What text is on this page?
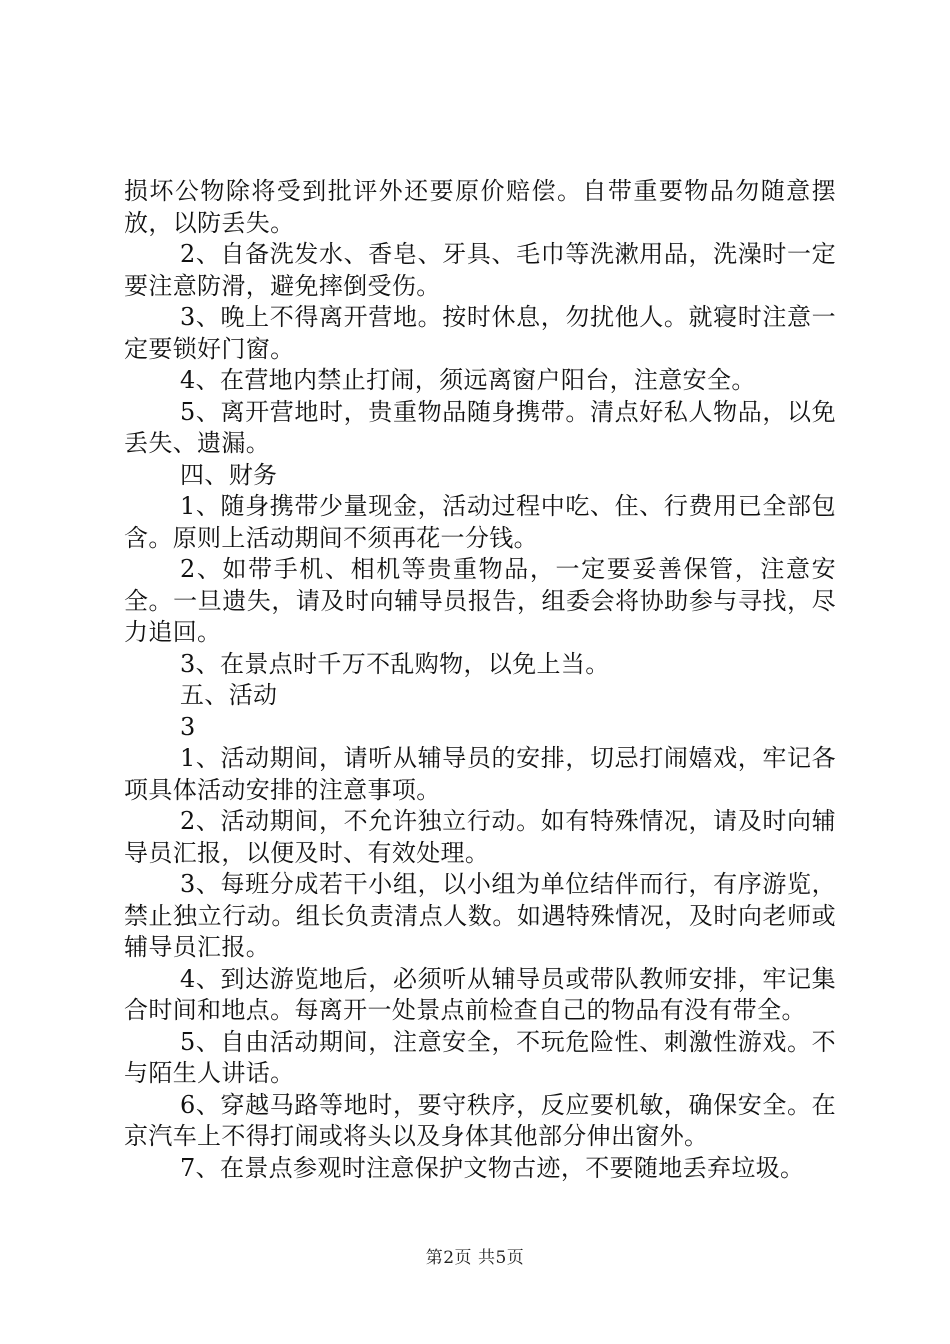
损坏公物除将受到批评外还要原价赔偿。自带重要物品勿随意摆放，以防丢失。

2、自备洗发水、香皂、牙具、毛巾等洗漱用品，洗澡时一定要注意防滑，避免摔倒受伤。

3、晚上不得离开营地。按时休息，勿扰他人。就寝时注意一定要锁好门窗。

4、在营地内禁止打闹，须远离窗户阳台，注意安全。

5、离开营地时，贵重物品随身携带。清点好私人物品，以免丢失、遗漏。

四、财务

1、随身携带少量现金，活动过程中吃、住、行费用已全部包含。原则上活动期间不须再花一分钱。

2、如带手机、相机等贵重物品，一定要妥善保管，注意安全。一旦遗失，请及时向辅导员报告，组委会将协助参与寻找，尽力追回。

3、在景点时千万不乱购物，以免上当。

五、活动

3

1、活动期间，请听从辅导员的安排，切忌打闹嬉戏，牢记各项具体活动安排的注意事项。

2、活动期间，不允许独立行动。如有特殊情况，请及时向辅导员汇报，以便及时、有效处理。

3、每班分成若干小组，以小组为单位结伴而行，有序游览，禁止独立行动。组长负责清点人数。如遇特殊情况，及时向老师或辅导员汇报。

4、到达游览地后，必须听从辅导员或带队教师安排，牢记集合时间和地点。每离开一处景点前检查自己的物品有没有带全。

5、自由活动期间，注意安全，不玩危险性、刺激性游戏。不与陌生人讲话。

6、穿越马路等地时，要守秩序，反应要机敏，确保安全。在京汽车上不得打闹或将头以及身体其他部分伸出窗外。

7、在景点参观时注意保护文物古迹，不要随地丢弃垃圾。

第2页 共5页
